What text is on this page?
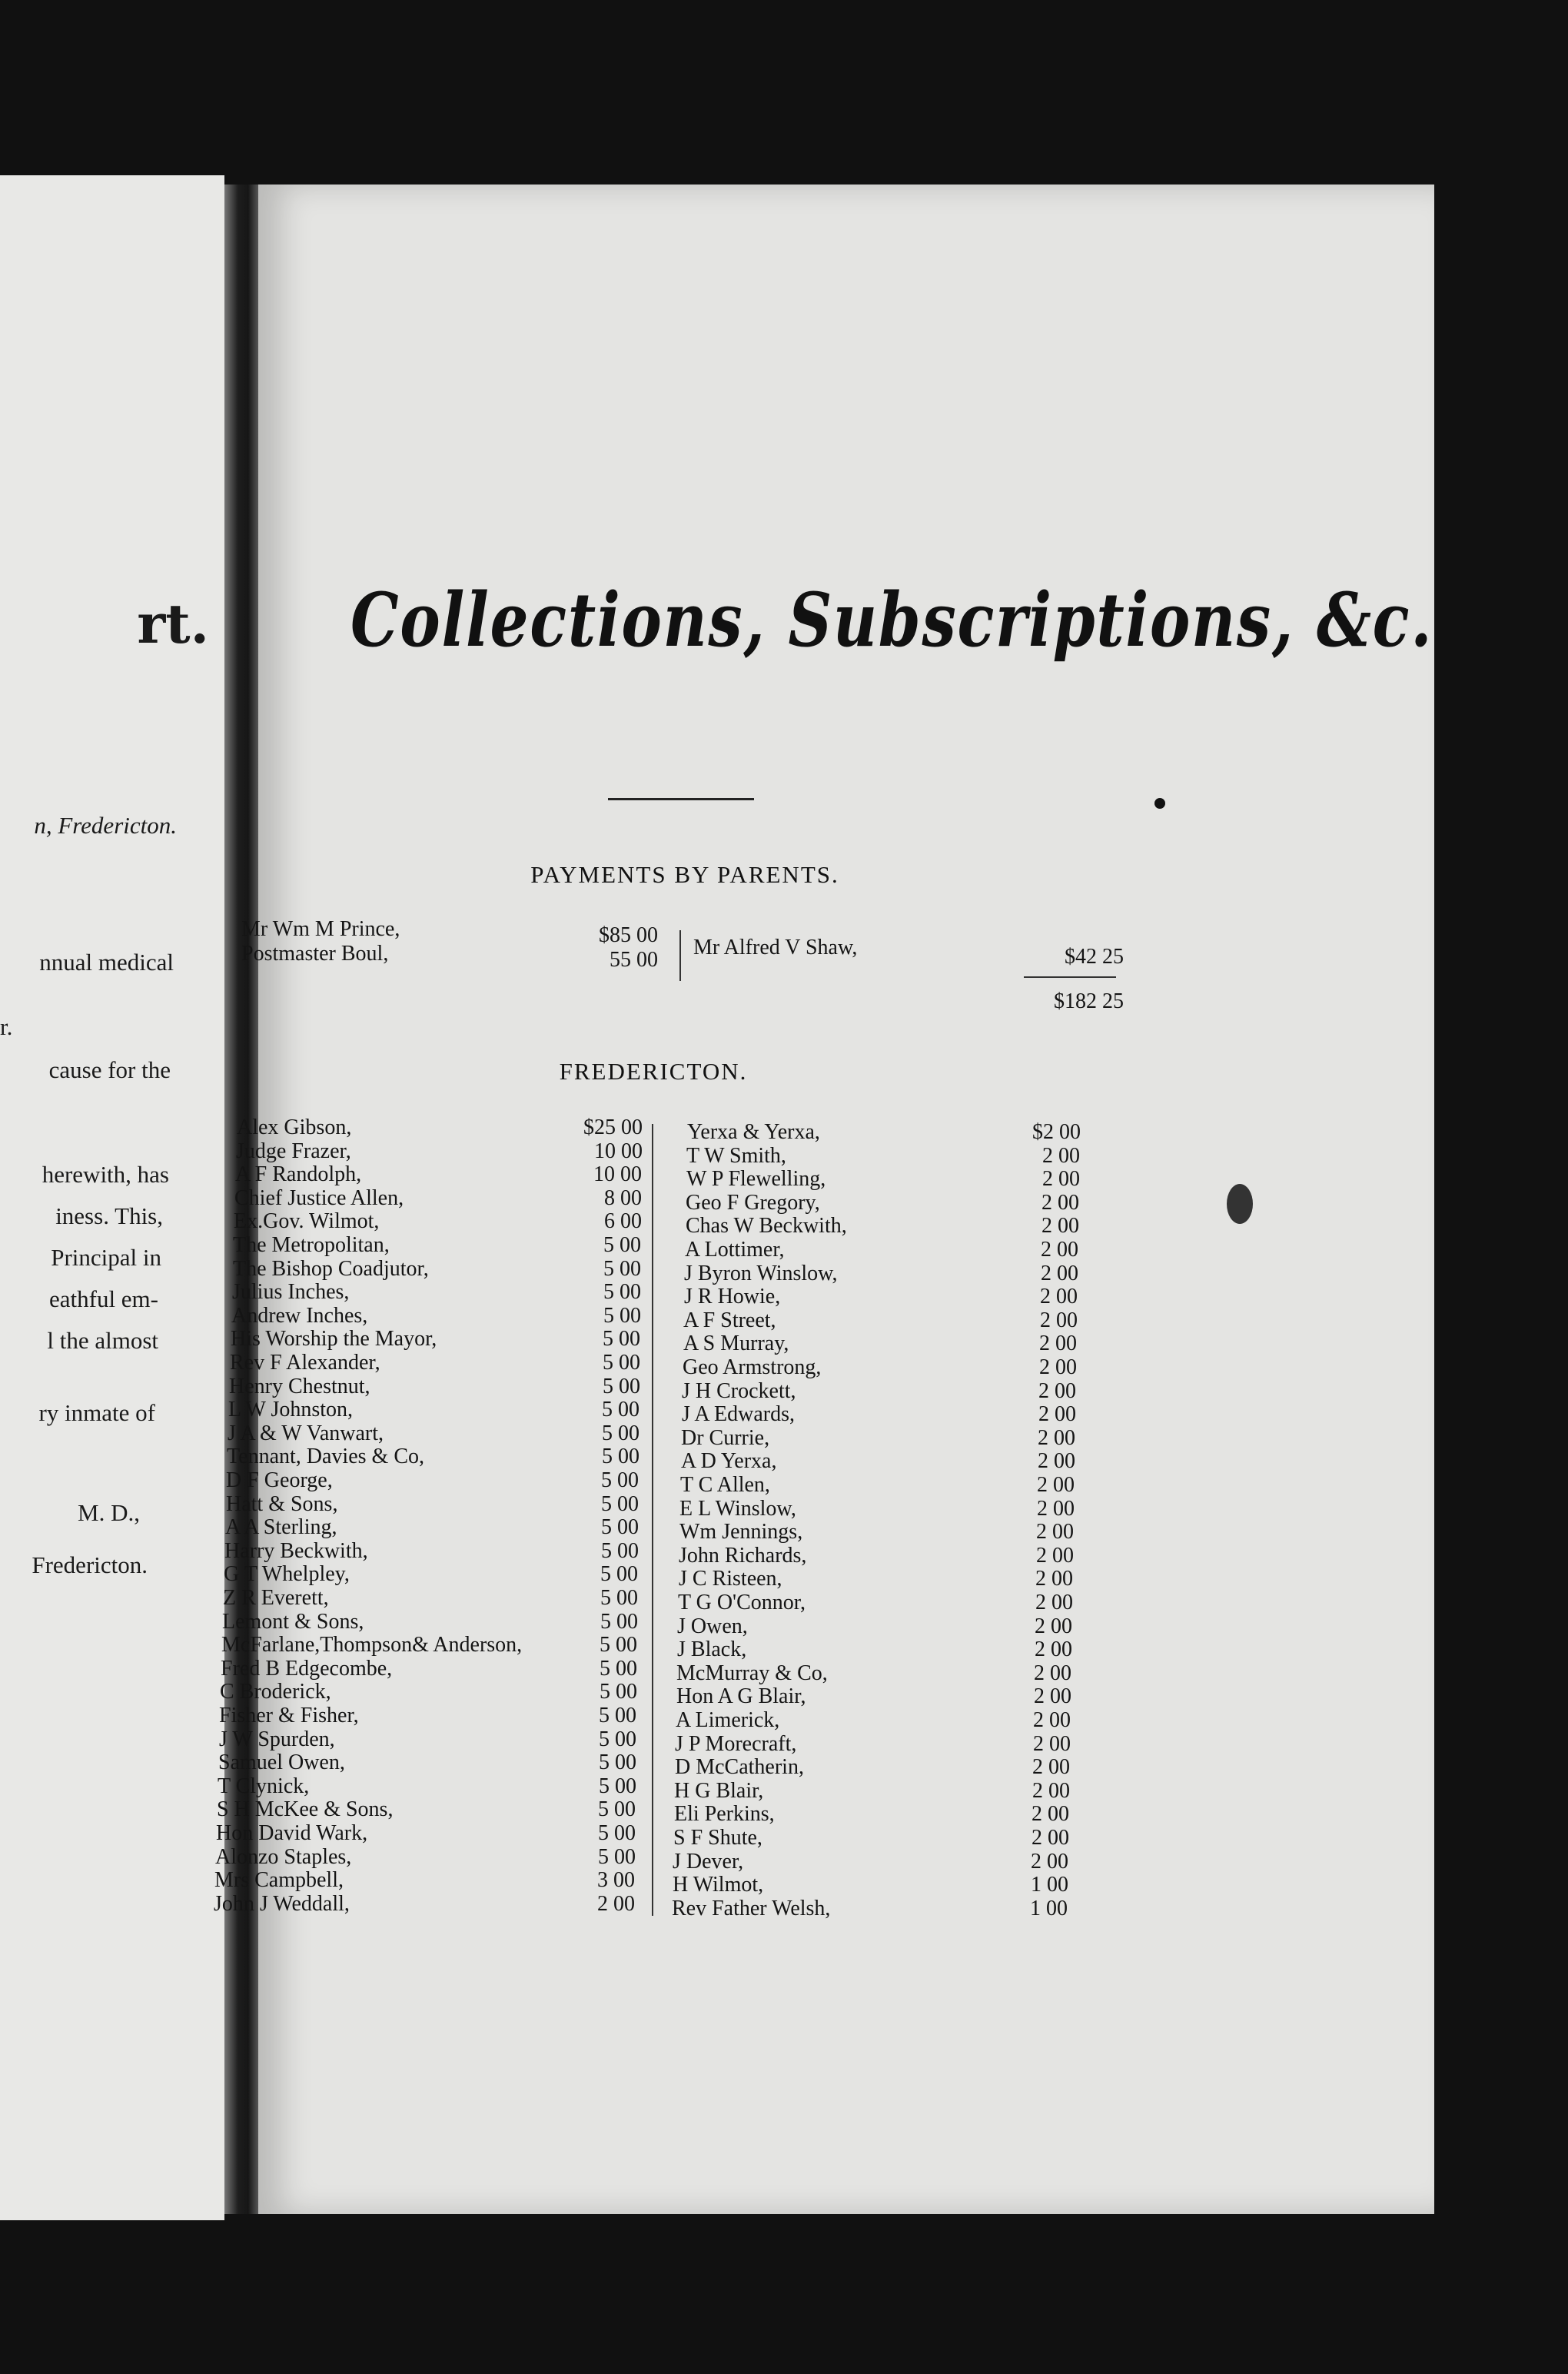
rt.
n, Fredericton.
nnual medical
r.
cause for the
herewith, has
iness. This,
Principal in
eathful em-
l the almost
ry inmate of
M. D.,
Fredericton.
Collections, Subscriptions, &c.
PAYMENTS BY PARENTS.
Mr Wm M Prince,	$85 00
Postmaster Boul,	55 00
Mr Alfred V Shaw,	$42 25
$182 25
FREDERICTON.
Alex Gibson,	$25 00
Judge Frazer,	10 00
A F Randolph,	10 00
Chief Justice Allen,	8 00
Ex.Gov. Wilmot,	6 00
The Metropolitan,	5 00
The Bishop Coadjutor,	5 00
Julius Inches,	5 00
Andrew Inches,	5 00
His Worship the Mayor,	5 00
Rev F Alexander,	5 00
Henry Chestnut,	5 00
L W Johnston,	5 00
J A & W Vanwart,	5 00
Tennant, Davies & Co,	5 00
D F George,	5 00
Hatt & Sons,	5 00
A A Sterling,	5 00
Harry Beckwith,	5 00
G T Whelpley,	5 00
Z R Everett,	5 00
Lemont & Sons,	5 00
McFarlane,Thompson& Anderson,	5 00
Fred B Edgecombe,	5 00
C Broderick,	5 00
Fisher & Fisher,	5 00
J W Spurden,	5 00
Samuel Owen,	5 00
T Clynick,	5 00
S H McKee & Sons,	5 00
Hon David Wark,	5 00
Alonzo Staples,	5 00
Mrs Campbell,	3 00
John J Weddall,	2 00
Yerxa & Yerxa,	$2 00
T W Smith,	2 00
W P Flewelling,	2 00
Geo F Gregory,	2 00
Chas W Beckwith,	2 00
A Lottimer,	2 00
J Byron Winslow,	2 00
J R Howie,	2 00
A F Street,	2 00
A S Murray,	2 00
Geo Armstrong,	2 00
J H Crockett,	2 00
J A Edwards,	2 00
Dr Currie,	2 00
A D Yerxa,	2 00
T C Allen,	2 00
E L Winslow,	2 00
Wm Jennings,	2 00
John Richards,	2 00
J C Risteen,	2 00
T G O'Connor,	2 00
J Owen,	2 00
J Black,	2 00
McMurray & Co,	2 00
Hon A G Blair,	2 00
A Limerick,	2 00
J P Morecraft,	2 00
D McCatherin,	2 00
H G Blair,	2 00
Eli Perkins,	2 00
S F Shute,	2 00
J Dever,	2 00
H Wilmot,	1 00
Rev Father Welsh,	1 00
